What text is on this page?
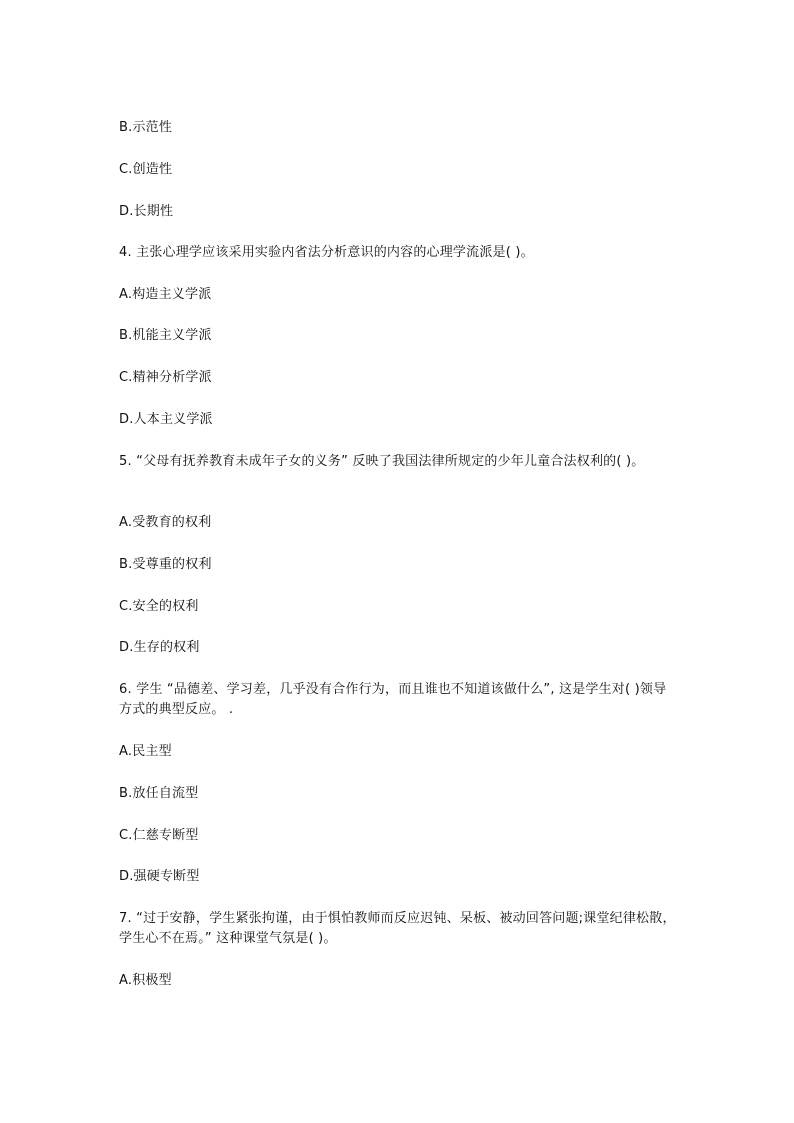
B.示范性
C.创造性
D.长期性
4. 主张心理学应该采用实验内省法分析意识的内容的心理学流派是( )。
A.构造主义学派
B.机能主义学派
C.精神分析学派
D.人本主义学派
5. “父母有抚养教育未成年子女的义务” 反映了我国法律所规定的少年儿童合法权利的( )。
A.受教育的权利
B.受尊重的权利
C.安全的权利
D.生存的权利
6. 学生 “品德差、学习差，几乎没有合作行为，而且谁也不知道该做什么”, 这是学生对( )领导方式的典型反应。 .
A.民主型
B.放任自流型
C.仁慈专断型
D.强硬专断型
7. “过于安静，学生紧张拘谨，由于惧怕教师而反应迟钝、呆板、被动回答问题;课堂纪律松散，学生心不在焉。” 这种课堂气氛是( )。
A.积极型
